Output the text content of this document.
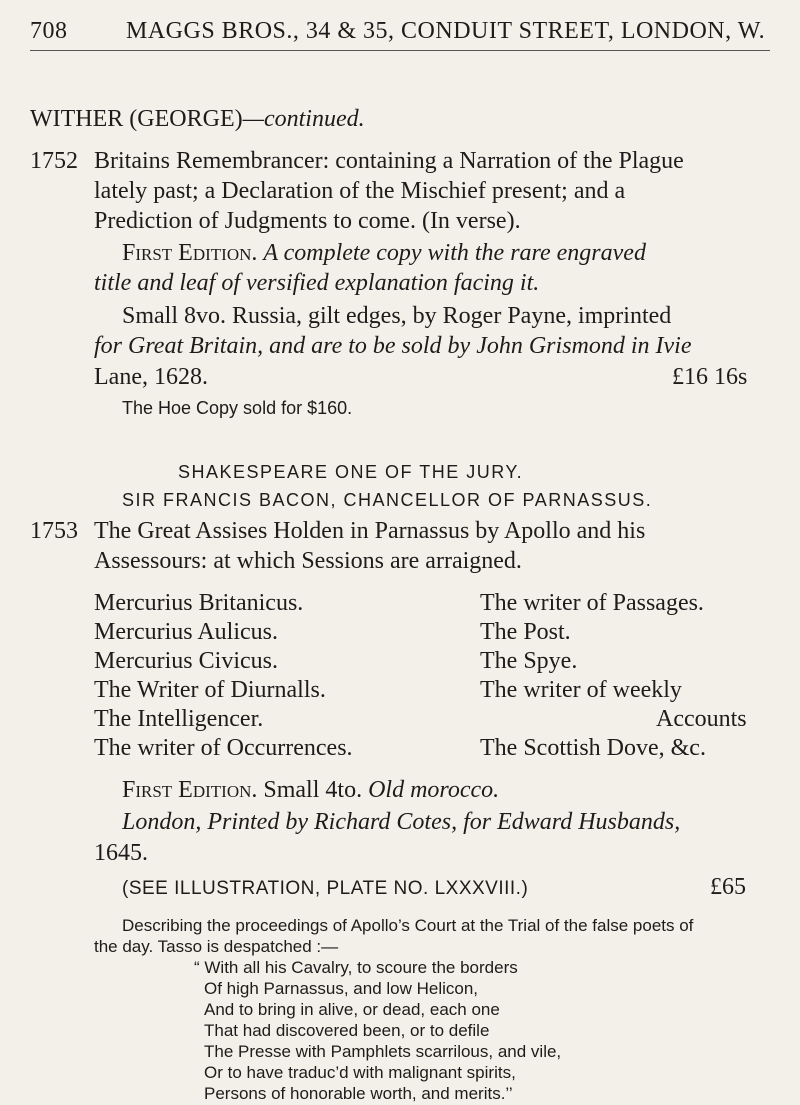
708 MAGGS BROS., 34 & 35, CONDUIT STREET, LONDON, W.
WITHER (GEORGE)—continued.
1752 Britains Remembrancer: containing a Narration of the Plague
lately past; a Declaration of the Mischief present; and a
Prediction of Judgments to come. (In verse).
First Edition. A complete copy with the rare engraved
title and leaf of versified explanation facing it.
Small 8vo. Russia, gilt edges, by Roger Payne, imprinted
for Great Britain, and are to be sold by John Grismond in Ivie
Lane, 1628.	£16 16s
The Hoe Copy sold for $160.
SHAKESPEARE ONE OF THE JURY.
SIR FRANCIS BACON, CHANCELLOR OF PARNASSUS.
1753 The Great Assises Holden in Parnassus by Apollo and his
Assessours: at which Sessions are arraigned.
Mercurius Britanicus.
Mercurius Aulicus.
Mercurius Civicus.
The Writer of Diurnalls.
The Intelligencer.
The writer of Occurrences.
The writer of Passages.
The Post.
The Spye.
The writer of weekly
Accounts
The Scottish Dove, &c.
First Edition. Small 4to. Old morocco.
London, Printed by Richard Cotes, for Edward Husbands,
1645.
(SEE ILLUSTRATION, PLATE NO. LXXXVIII.)	£65
Describing the proceedings of Apollo’s Court at the Trial of the false poets of
the day. Tasso is despatched :—
“ With all his Cavalry, to scoure the borders
Of high Parnassus, and low Helicon,
And to bring in alive, or dead, each one
That had discovered been, or to defile
The Presse with Pamphlets scarrilous, and vile,
Or to have traduc’d with malignant spirits,
Persons of honorable worth, and merits.’’
